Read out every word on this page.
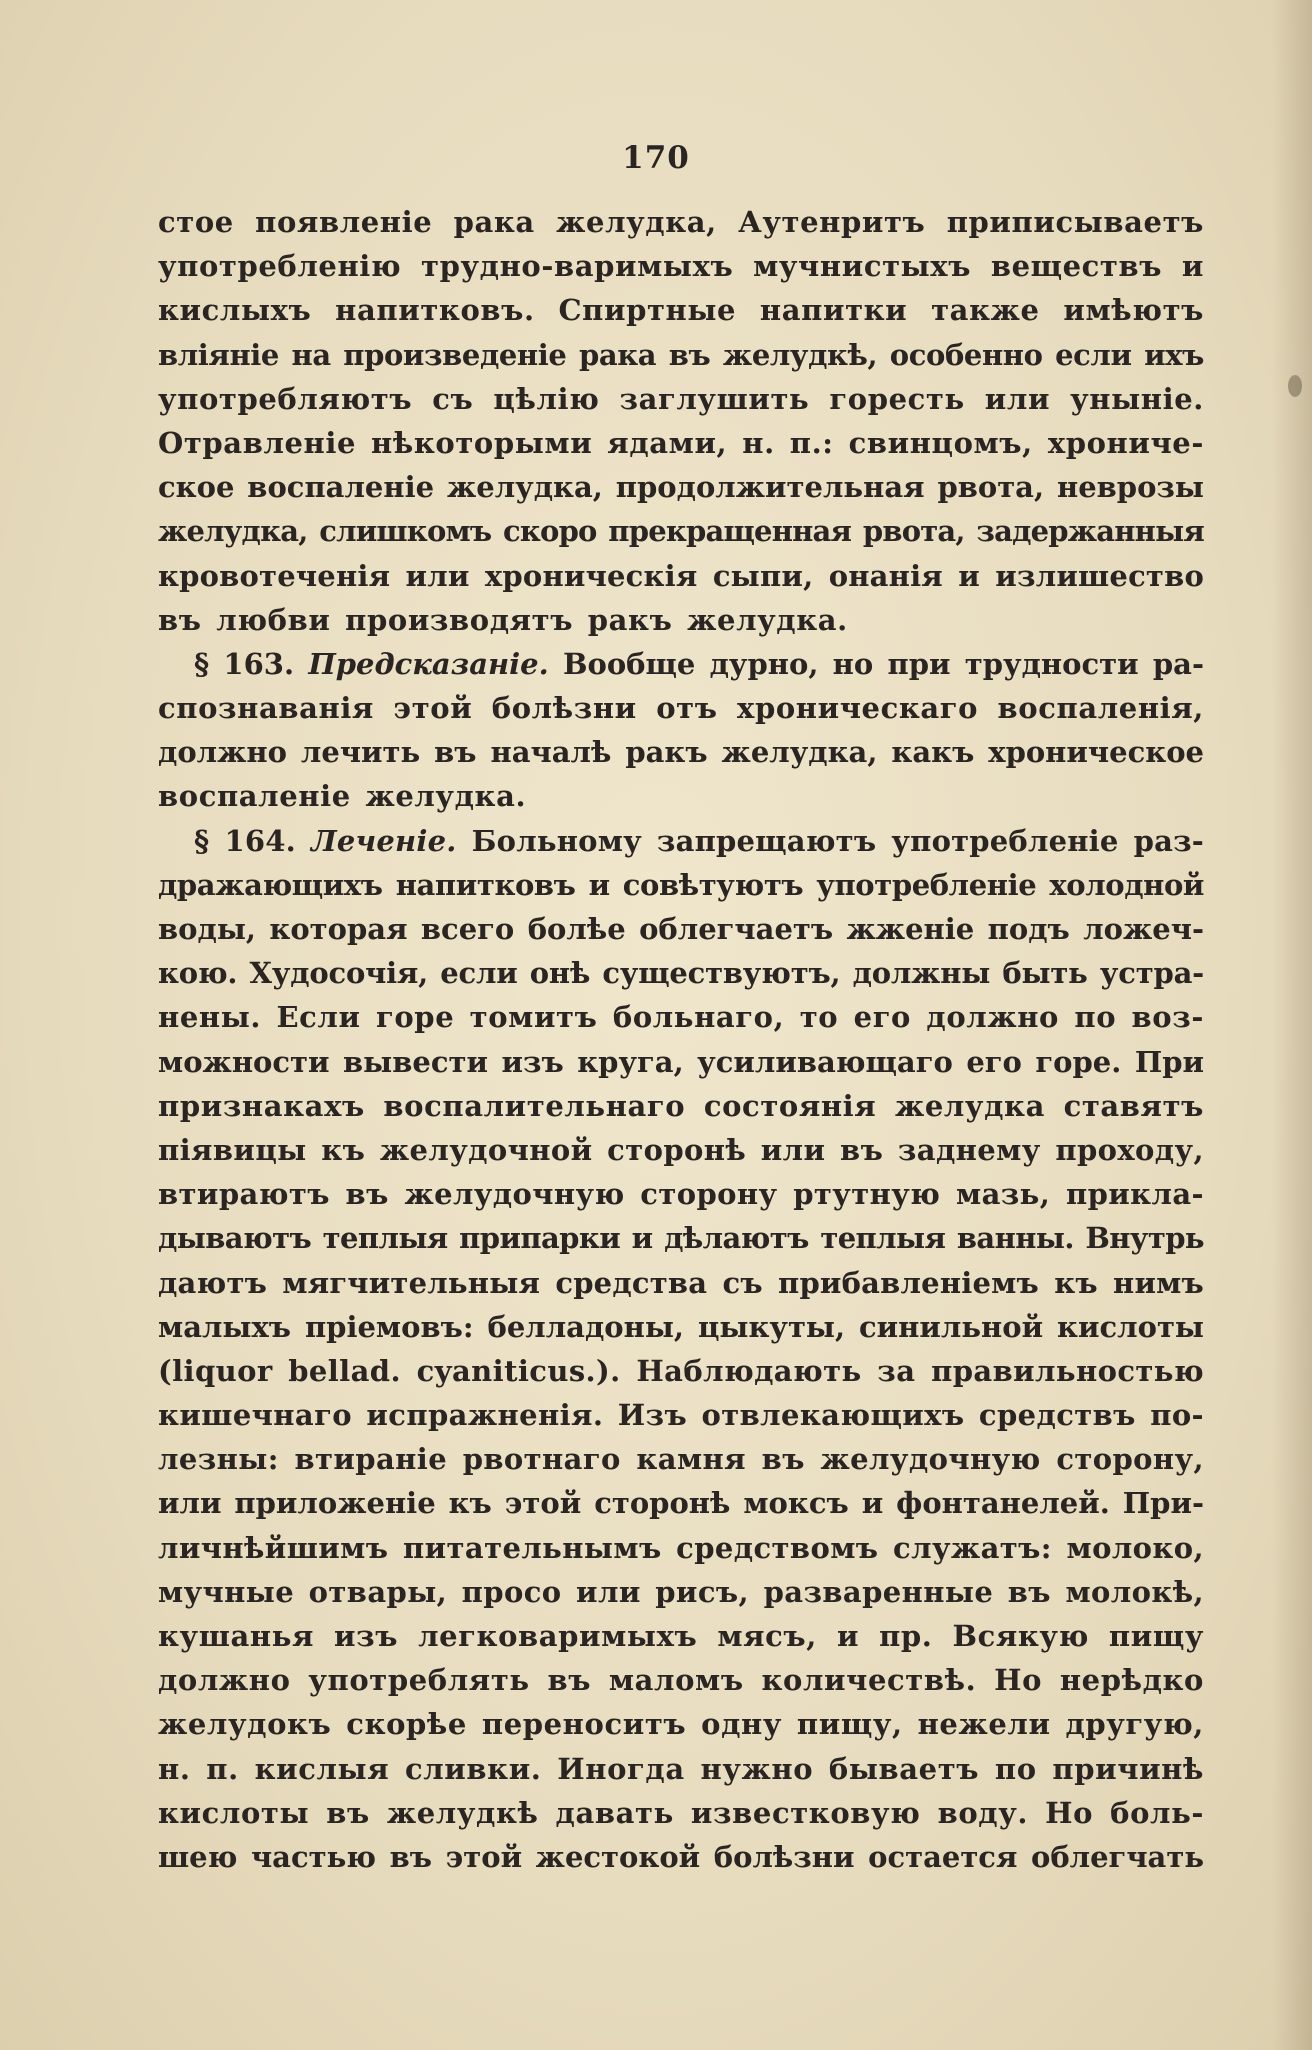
170
стое появленіе рака желудка, Аутенритъ приписываетъ
употребленію трудно-варимыхъ мучнистыхъ веществъ и
кислыхъ напитковъ. Спиртные напитки также имѣютъ
вліяніе на произведеніе рака въ желудкѣ, особенно если ихъ
употребляютъ съ цѣлію заглушить горесть или уныніе.
Отравленіе нѣкоторыми ядами, н. п.: свинцомъ, хрониче-
ское воспаленіе желудка, продолжительная рвота, неврозы
желудка, слишкомъ скоро прекращенная рвота, задержанныя
кровотеченія или хроническія сыпи, онанія и излишество
въ любви производятъ ракъ желудка.
§ 163. Предсказаніе. Вообще дурно, но при трудности ра-
спознаванія этой болѣзни отъ хроническаго воспаленія,
должно лечить въ началѣ ракъ желудка, какъ хроническое
воспаленіе желудка.
§ 164. Леченіе. Больному запрещаютъ употребленіе раз-
дражающихъ напитковъ и совѣтуютъ употребленіе холодной
воды, которая всего болѣе облегчаетъ жженіе подъ ложеч-
кою. Худосочія, если онѣ существуютъ, должны быть устра-
нены. Если горе томитъ больнаго, то его должно по воз-
можности вывести изъ круга, усиливающаго его горе. При
признакахъ воспалительнаго состоянія желудка ставятъ
піявицы къ желудочной сторонѣ или въ заднему проходу,
втираютъ въ желудочную сторону ртутную мазь, прикла-
дываютъ теплыя припарки и дѣлаютъ теплыя ванны. Внутрь
даютъ мягчительныя средства съ прибавленіемъ къ нимъ
малыхъ пріемовъ: белладоны, цыкуты, синильной кислоты
(liquor bellad. cyaniticus.). Наблюдають за правильностью
кишечнаго испражненія. Изъ отвлекающихъ средствъ по-
лезны: втираніе рвотнаго камня въ желудочную сторону,
или приложеніе къ этой сторонѣ моксъ и фонтанелей. При-
личнѣйшимъ питательнымъ средствомъ служатъ: молоко,
мучные отвары, просо или рисъ, разваренные въ молокѣ,
кушанья изъ легковаримыхъ мясъ, и пр. Всякую пищу
должно употреблять въ маломъ количествѣ. Но нерѣдко
желудокъ скорѣе переноситъ одну пищу, нежели другую,
н. п. кислыя сливки. Иногда нужно бываетъ по причинѣ
кислоты въ желудкѣ давать известковую воду. Но боль-
шею частью въ этой жестокой болѣзни остается облегчать
